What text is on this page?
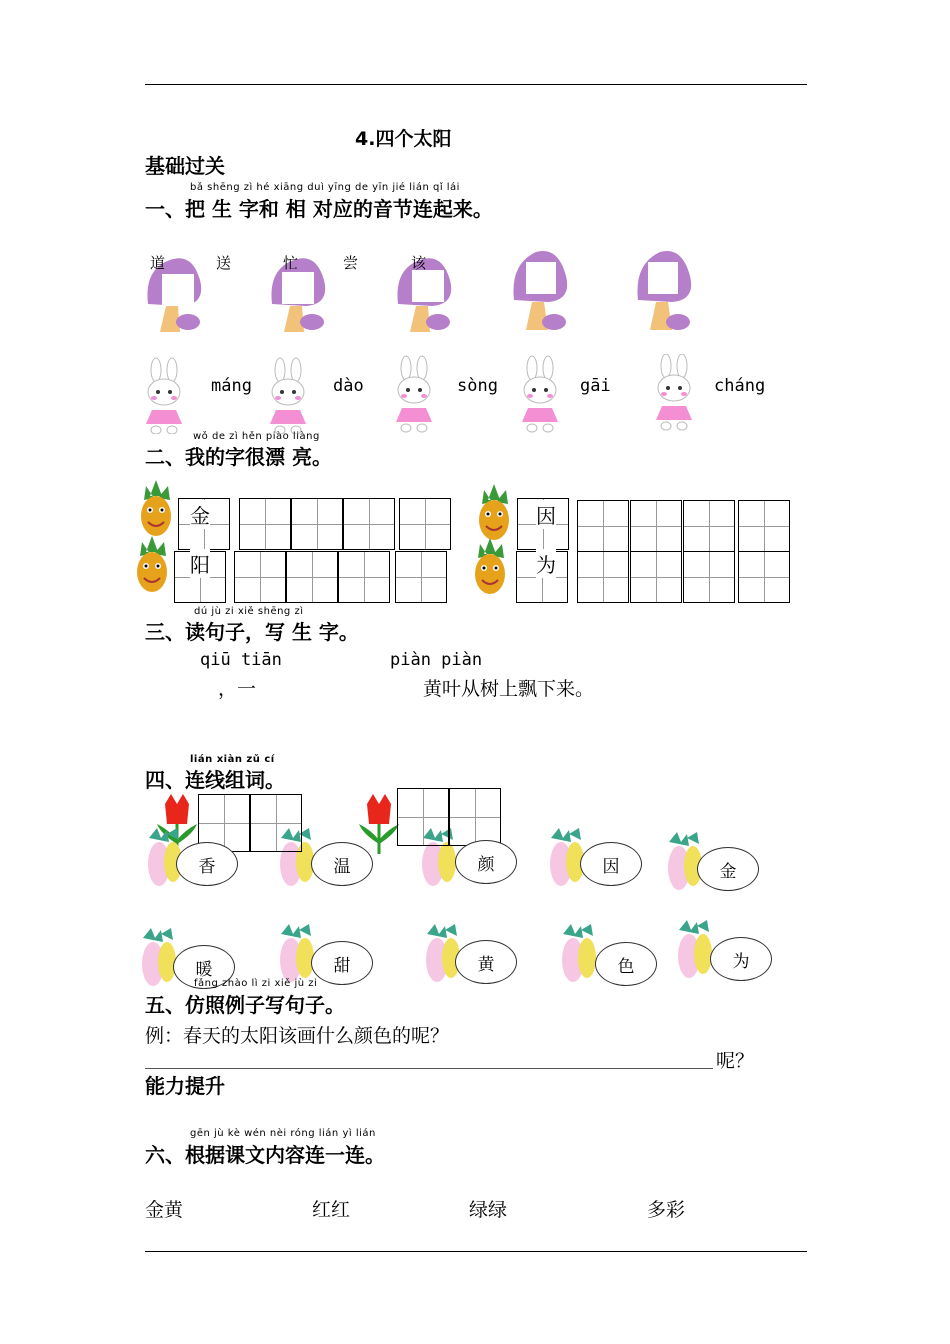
4.四个太阳
基础过关
bǎ shēng zì hé xiāng duì yīng de yīn jié lián qǐ lái
一、把 生 字和 相 对应的音节连起来。
道	送	忙	尝	该
máng	dào	sòng	gāi	cháng
wǒ de zì hěn piào liàng
二、我的字很漂 亮。
金	因
阳	为
dú jù zi xiě shēng zì
三、读句子，写 生 字。
qiū tiān	piàn piàn
，一	黄叶从树上飘下来。
lián xiàn zǔ cí
四、连线组词。
香	温	颜	因	金
暖	甜	黄	色	为
fǎng zhào lì zi xiě jù zi
五、仿照例子写句子。
例：春天的太阳该画什么颜色的呢？
呢？
能力提升
gēn jù kè wén nèi róng lián yì lián
六、根据课文内容连一连。
金黄	红红	绿绿	多彩
